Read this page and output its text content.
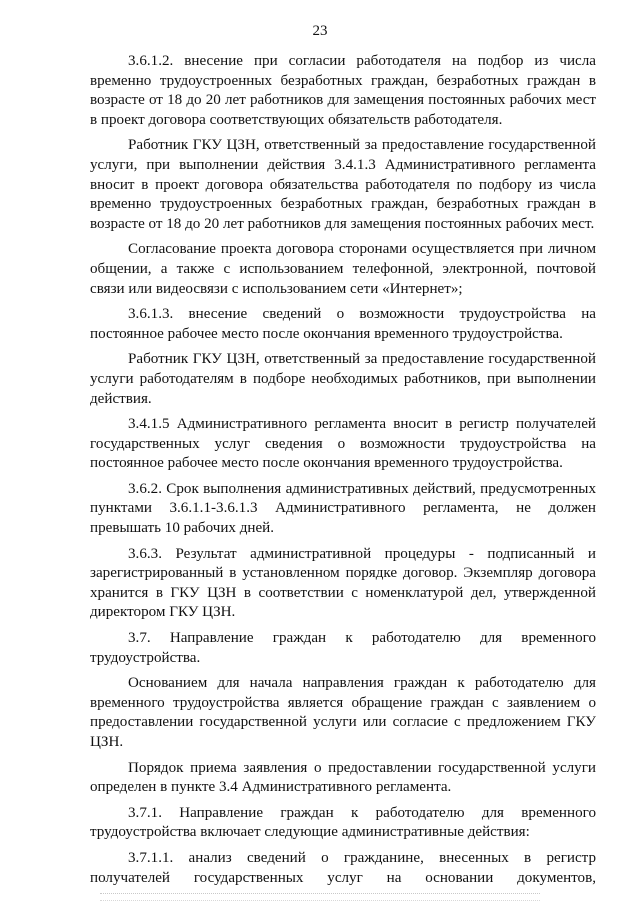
23

3.6.1.2. внесение при согласии работодателя на подбор из числа временно трудоустроенных безработных граждан, безработных граждан в возрасте от 18 до 20 лет работников для замещения постоянных рабочих мест в проект договора соответствующих обязательств работодателя.

Работник ГКУ ЦЗН, ответственный за предоставление государственной услуги, при выполнении действия 3.4.1.3 Административного регламента вносит в проект договора обязательства работодателя по подбору из числа временно трудоустроенных безработных граждан, безработных граждан в возрасте от 18 до 20 лет работников для замещения постоянных рабочих мест.

Согласование проекта договора сторонами осуществляется при личном общении, а также с использованием телефонной, электронной, почтовой связи или видеосвязи с использованием сети «Интернет»;

3.6.1.3. внесение сведений о возможности трудоустройства на постоянное рабочее место после окончания временного трудоустройства.

Работник ГКУ ЦЗН, ответственный за предоставление государственной услуги работодателям в подборе необходимых работников, при выполнении действия.

3.4.1.5 Административного регламента вносит в регистр получателей государственных услуг сведения о возможности трудоустройства на постоянное рабочее место после окончания временного трудоустройства.

3.6.2. Срок выполнения административных действий, предусмотренных пунктами 3.6.1.1-3.6.1.3 Административного регламента, не должен превышать 10 рабочих дней.

3.6.3. Результат административной процедуры - подписанный и зарегистрированный в установленном порядке договор. Экземпляр договора хранится в ГКУ ЦЗН в соответствии с номенклатурой дел, утвержденной директором ГКУ ЦЗН.

3.7. Направление граждан к работодателю для временного трудоустройства.

Основанием для начала направления граждан к работодателю для временного трудоустройства является обращение граждан с заявлением о предоставлении государственной услуги или согласие с предложением ГКУ ЦЗН.

Порядок приема заявления о предоставлении государственной услуги определен в пункте 3.4 Административного регламента.

3.7.1. Направление граждан к работодателю для временного трудоустройства включает следующие административные действия:

3.7.1.1. анализ сведений о гражданине, внесенных в регистр получателей государственных услуг на основании документов,
